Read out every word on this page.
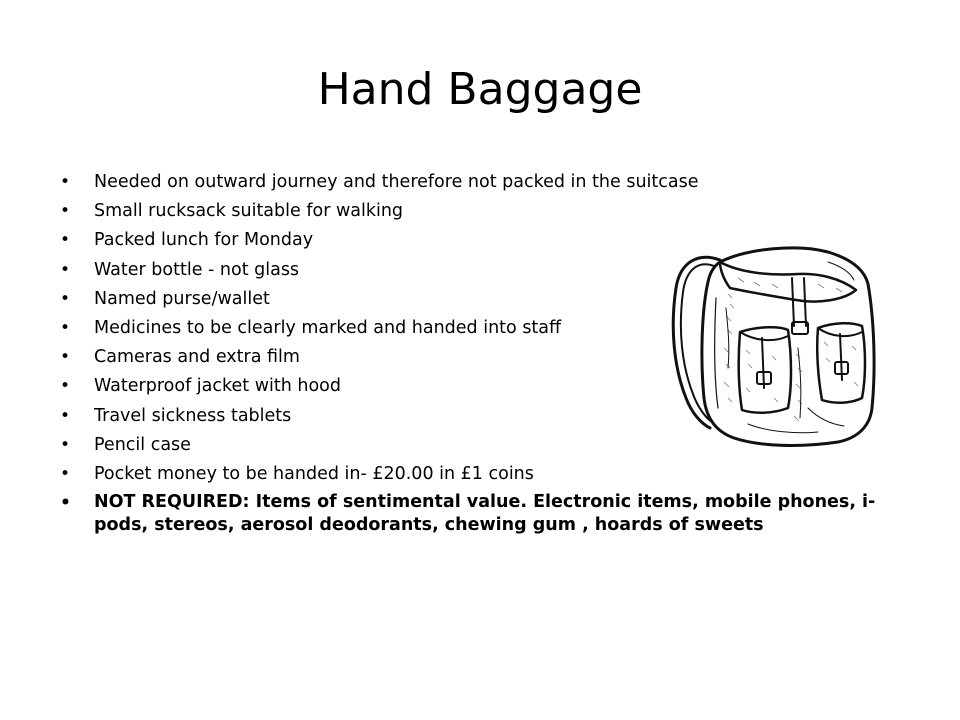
Hand Baggage
•	Needed on outward journey and therefore not packed in the suitcase
•	Small rucksack suitable for walking
•	Packed lunch for Monday
•	Water bottle - not glass
•	Named purse/wallet
•	Medicines to be clearly marked and handed into staff
•	Cameras and extra film
•	Waterproof jacket with hood
•	Travel sickness tablets
•	Pencil case
•	Pocket money to be handed in- £20.00 in £1 coins
•	NOT REQUIRED: Items of sentimental value. Electronic items, mobile phones, i-pods, stereos, aerosol deodorants, chewing gum , hoards of sweets
